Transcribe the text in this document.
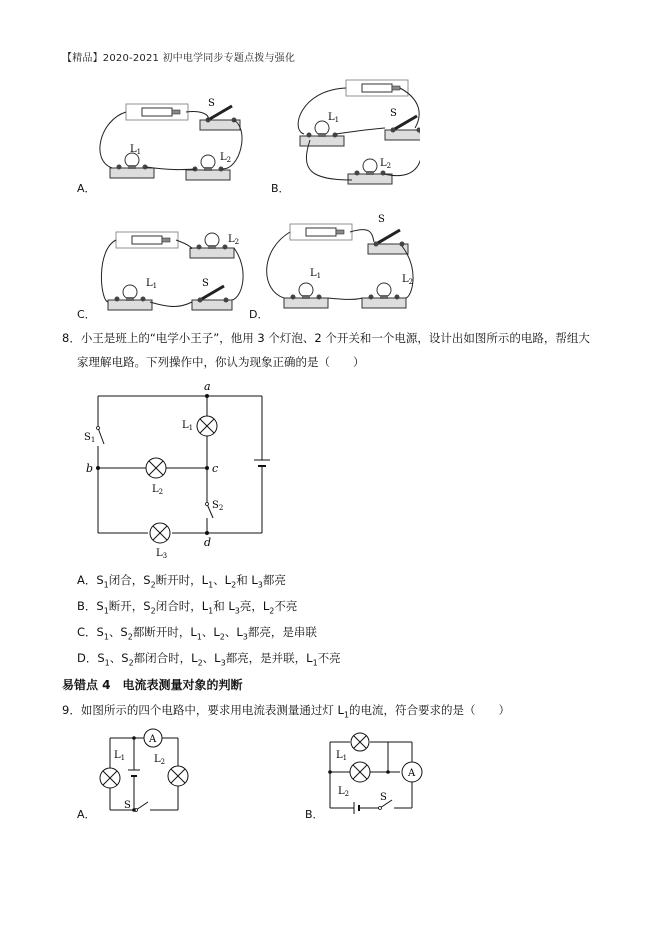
【精品】2020-2021 初中电学同步专题点拨与强化
S
$L_1$	$L_2$
S
$L_1$
$L_2$
$L_2$
$L_1$	S
S
$L_1$	$L_2$
A．	B．
C．	D．
8．小王是班上的“电学小王子”，他用 3 个灯泡、2 个开关和一个电源，设计出如图所示的电路，帮组大
家理解电路。下列操作中，你认为现象正确的是（　　）
a
b	c
d
$S_1$
$S_2$
$L_1$
$L_2$
$L_3$
A．$S_1$闭合，$S_2$断开时，$L_1$、$L_2$和 $L_3$都亮
B．$S_1$断开，$S_2$闭合时，$L_1$和 $L_3$亮，$L_2$不亮
C．$S_1$、$S_2$都断开时，$L_1$、$L_2$、$L_3$都亮，是串联
D．$S_1$、$S_2$都闭合时，$L_2$、$L_3$都亮，是并联，$L_1$不亮
易错点 4　电流表测量对象的判断
9．如图所示的四个电路中，要求用电流表测量通过灯 $L_1$的电流，符合要求的是（　　）
A
$L_1$	$L_2$
S
A．
A
$L_1$
$L_2$	S
B．
